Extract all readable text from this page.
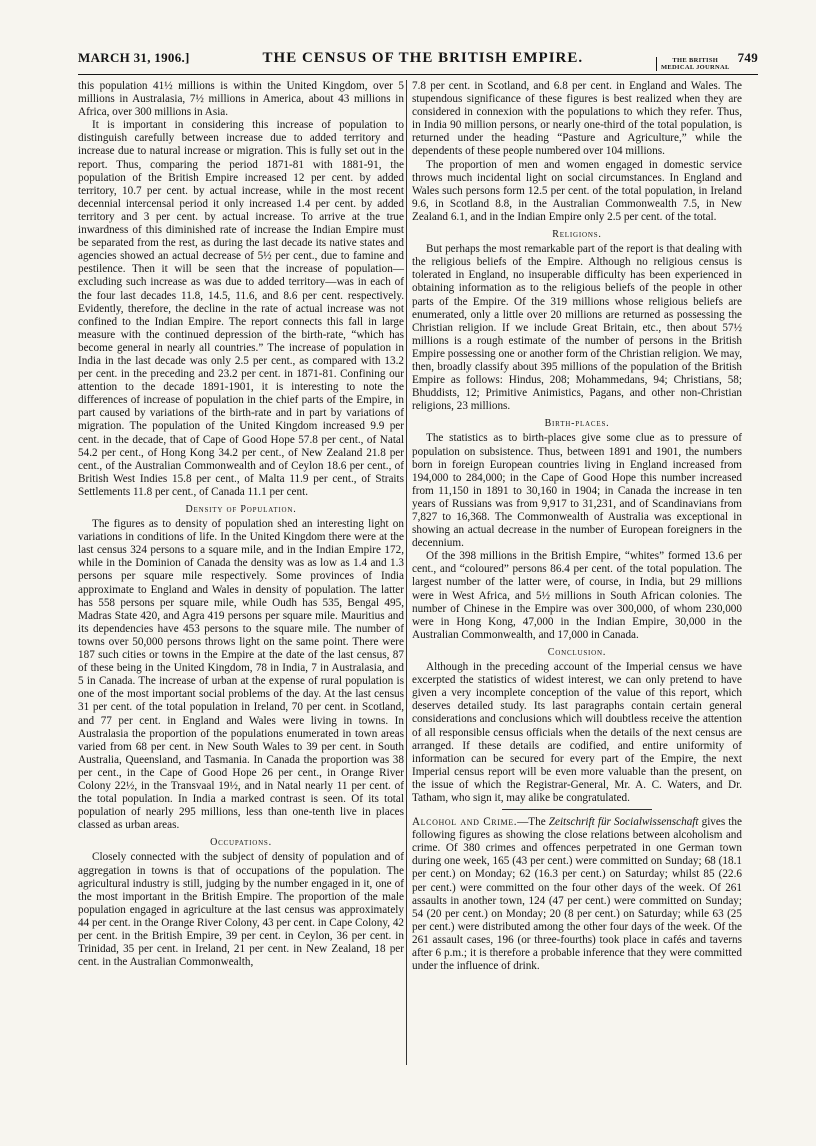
MARCH 31, 1906.]	THE CENSUS OF THE BRITISH EMPIRE.	THE BRITISH
MEDICAL JOURNAL
749

this population 41½ millions is within the United Kingdom, over 5 millions in Australasia, 7½ millions in America, about 43 millions in Africa, over 300 millions in Asia.

It is important in considering this increase of population to distinguish carefully between increase due to added territory and increase due to natural increase or migration. This is fully set out in the report. Thus, comparing the period 1871-81 with 1881-91, the population of the British Empire increased 12 per cent. by added territory, 10.7 per cent. by actual increase, while in the most recent decennial intercensal period it only increased 1.4 per cent. by added territory and 3 per cent. by actual increase. To arrive at the true inwardness of this diminished rate of increase the Indian Empire must be separated from the rest, as during the last decade its native states and agencies showed an actual decrease of 5½ per cent., due to famine and pestilence. Then it will be seen that the increase of population—excluding such increase as was due to added territory—was in each of the four last decades 11.8, 14.5, 11.6, and 8.6 per cent. respectively. Evidently, therefore, the decline in the rate of actual increase was not confined to the Indian Empire. The report connects this fall in large measure with the continued depression of the birth-rate, “which has become general in nearly all countries.” The increase of population in India in the last decade was only 2.5 per cent., as compared with 13.2 per cent. in the preceding and 23.2 per cent. in 1871-81. Confining our attention to the decade 1891-1901, it is interesting to note the differences of increase of population in the chief parts of the Empire, in part caused by variations of the birth-rate and in part by variations of migration. The population of the United Kingdom increased 9.9 per cent. in the decade, that of Cape of Good Hope 57.8 per cent., of Natal 54.2 per cent., of Hong Kong 34.2 per cent., of New Zealand 21.8 per cent., of the Australian Commonwealth and of Ceylon 18.6 per cent., of British West Indies 15.8 per cent., of Malta 11.9 per cent., of Straits Settlements 11.8 per cent., of Canada 11.1 per cent.

Density of Population.

The figures as to density of population shed an interesting light on variations in conditions of life. In the United Kingdom there were at the last census 324 persons to a square mile, and in the Indian Empire 172, while in the Dominion of Canada the density was as low as 1.4 and 1.3 persons per square mile respectively. Some provinces of India approximate to England and Wales in density of population. The latter has 558 persons per square mile, while Oudh has 535, Bengal 495, Madras State 420, and Agra 419 persons per square mile. Mauritius and its dependencies have 453 persons to the square mile. The number of towns over 50,000 persons throws light on the same point. There were 187 such cities or towns in the Empire at the date of the last census, 87 of these being in the United Kingdom, 78 in India, 7 in Australasia, and 5 in Canada. The increase of urban at the expense of rural population is one of the most important social problems of the day. At the last census 31 per cent. of the total population in Ireland, 70 per cent. in Scotland, and 77 per cent. in England and Wales were living in towns. In Australasia the proportion of the populations enumerated in town areas varied from 68 per cent. in New South Wales to 39 per cent. in South Australia, Queensland, and Tasmania. In Canada the proportion was 38 per cent., in the Cape of Good Hope 26 per cent., in Orange River Colony 22½, in the Transvaal 19½, and in Natal nearly 11 per cent. of the total population. In India a marked contrast is seen. Of its total population of nearly 295 millions, less than one-tenth live in places classed as urban areas.

Occupations.

Closely connected with the subject of density of population and of aggregation in towns is that of occupations of the population. The agricultural industry is still, judging by the number engaged in it, one of the most important in the British Empire. The proportion of the male population engaged in agriculture at the last census was approximately 44 per cent. in the Orange River Colony, 43 per cent. in Cape Colony, 42 per cent. in the British Empire, 39 per cent. in Ceylon, 36 per cent. in Trinidad, 35 per cent. in Ireland, 21 per cent. in New Zealand, 18 per cent. in the Australian Commonwealth,

7.8 per cent. in Scotland, and 6.8 per cent. in England and Wales. The stupendous significance of these figures is best realized when they are considered in connexion with the populations to which they refer. Thus, in India 90 million persons, or nearly one-third of the total population, is returned under the heading “Pasture and Agriculture,” while the dependents of these people numbered over 104 millions.

The proportion of men and women engaged in domestic service throws much incidental light on social circumstances. In England and Wales such persons form 12.5 per cent. of the total population, in Ireland 9.6, in Scotland 8.8, in the Australian Commonwealth 7.5, in New Zealand 6.1, and in the Indian Empire only 2.5 per cent. of the total.

Religions.

But perhaps the most remarkable part of the report is that dealing with the religious beliefs of the Empire. Although no religious census is tolerated in England, no insuperable difficulty has been experienced in obtaining information as to the religious beliefs of the people in other parts of the Empire. Of the 319 millions whose religious beliefs are enumerated, only a little over 20 millions are returned as possessing the Christian religion. If we include Great Britain, etc., then about 57½ millions is a rough estimate of the number of persons in the British Empire possessing one or another form of the Christian religion. We may, then, broadly classify about 395 millions of the population of the British Empire as follows: Hindus, 208; Mohammedans, 94; Christians, 58; Bhuddists, 12; Primitive Animistics, Pagans, and other non-Christian religions, 23 millions.

Birth-places.

The statistics as to birth-places give some clue as to pressure of population on subsistence. Thus, between 1891 and 1901, the numbers born in foreign European countries living in England increased from 194,000 to 284,000; in the Cape of Good Hope this number increased from 11,150 in 1891 to 30,160 in 1904; in Canada the increase in ten years of Russians was from 9,917 to 31,231, and of Scandinavians from 7,827 to 16,368. The Commonwealth of Australia was exceptional in showing an actual decrease in the number of European foreigners in the decennium.

Of the 398 millions in the British Empire, “whites” formed 13.6 per cent., and “coloured” persons 86.4 per cent. of the total population. The largest number of the latter were, of course, in India, but 29 millions were in West Africa, and 5½ millions in South African colonies. The number of Chinese in the Empire was over 300,000, of whom 230,000 were in Hong Kong, 47,000 in the Indian Empire, 30,000 in the Australian Commonwealth, and 17,000 in Canada.

Conclusion.

Although in the preceding account of the Imperial census we have excerpted the statistics of widest interest, we can only pretend to have given a very incomplete conception of the value of this report, which deserves detailed study. Its last paragraphs contain certain general considerations and conclusions which will doubtless receive the attention of all responsible census officials when the details of the next census are arranged. If these details are codified, and entire uniformity of information can be secured for every part of the Empire, the next Imperial census report will be even more valuable than the present, on the issue of which the Registrar-General, Mr. A. C. Waters, and Dr. Tatham, who sign it, may alike be congratulated.

Alcohol and Crime.—The Zeitschrift für Socialwissenschaft gives the following figures as showing the close relations between alcoholism and crime. Of 380 crimes and offences perpetrated in one German town during one week, 165 (43 per cent.) were committed on Sunday; 68 (18.1 per cent.) on Monday; 62 (16.3 per cent.) on Saturday; whilst 85 (22.6 per cent.) were committed on the four other days of the week. Of 261 assaults in another town, 124 (47 per cent.) were committed on Sunday; 54 (20 per cent.) on Monday; 20 (8 per cent.) on Saturday; while 63 (25 per cent.) were distributed among the other four days of the week. Of the 261 assault cases, 196 (or three-fourths) took place in cafés and taverns after 6 p.m.; it is therefore a probable inference that they were committed under the influence of drink.
